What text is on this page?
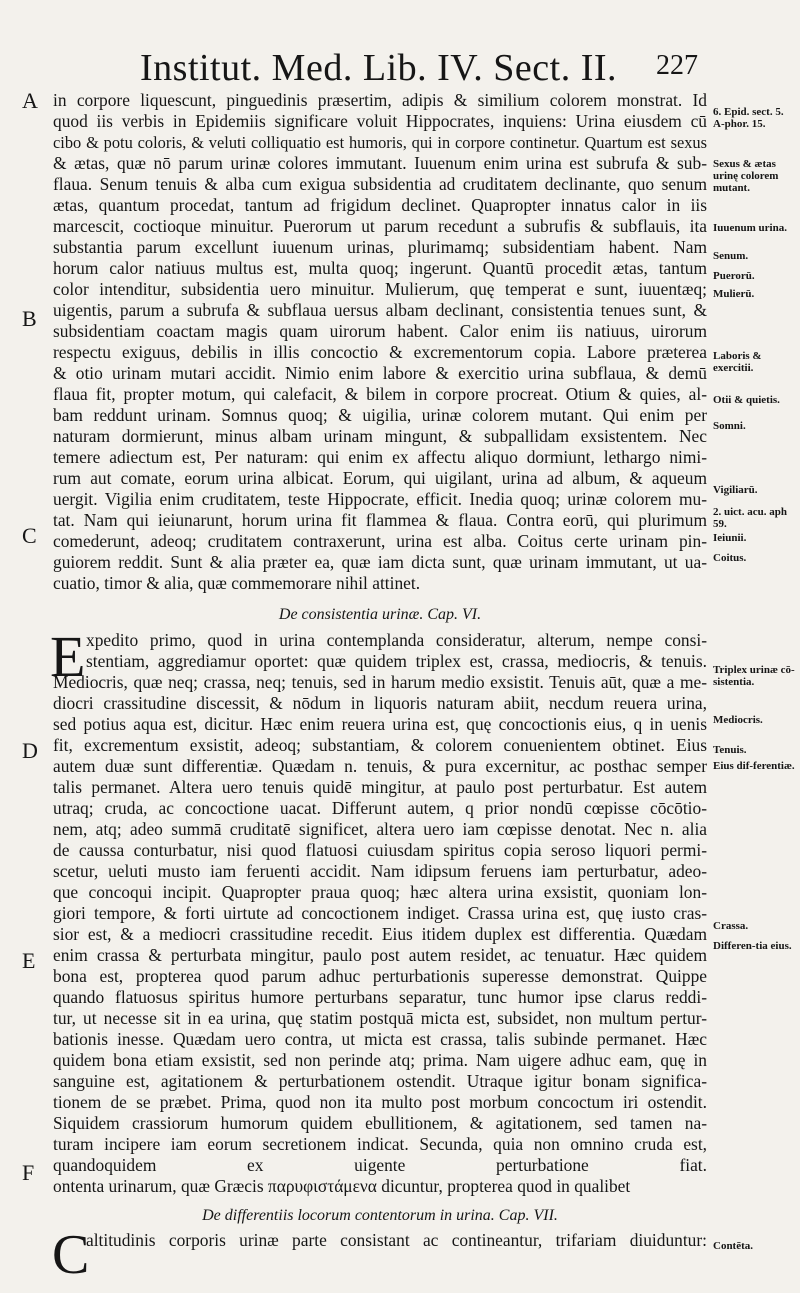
Institut. Med. Lib. IV. Sect. II. 227
A
B
C
D
E
F
in corpore liquescunt, pinguedinis præsertim, adipis & similium colorem monstrat. Id
quod iis verbis in Epidemiis significare voluit Hippocrates, inquiens: Urina eiusdem cū
cibo & potu coloris, & veluti colliquatio est humoris, qui in corpore continetur. Quartum est sexus
& ætas, quæ nō parum urinæ colores immutant. Iuuenum enim urina est subrufa & sub-
flaua. Senum tenuis & alba cum exigua subsidentia ad cruditatem declinante, quo senum
ætas, quantum procedat, tantum ad frigidum declinet. Quapropter innatus calor in iis
marcescit, coctioque minuitur. Puerorum ut parum recedunt a subrufis & subflauis, ita
substantia parum excellunt iuuenum urinas, plurimamq; subsidentiam habent. Nam
horum calor natiuus multus est, multa quoq; ingerunt. Quantū procedit ætas, tantum
color intenditur, subsidentia uero minuitur. Mulierum, quę temperat e sunt, iuuentæq;
uigentis, parum a subrufa & subflaua uersus albam declinant, consistentia tenues sunt, &
subsidentiam coactam magis quam uirorum habent. Calor enim iis natiuus, uirorum
respectu exiguus, debilis in illis concoctio & excrementorum copia. Labore præterea
& otio urinam mutari accidit. Nimio enim labore & exercitio urina subflaua, & demū
flaua fit, propter motum, qui calefacit, & bilem in corpore procreat. Otium & quies, al-
bam reddunt urinam. Somnus quoq; & uigilia, urinæ colorem mutant. Qui enim per
naturam dormierunt, minus albam urinam mingunt, & subpallidam exsistentem. Nec
temere adiectum est, Per naturam: qui enim ex affectu aliquo dormiunt, lethargo nimi-
rum aut comate, eorum urina albicat. Eorum, qui uigilant, urina ad album, & aqueum
uergit. Vigilia enim cruditatem, teste Hippocrate, efficit. Inedia quoq; urinæ colorem mu-
tat. Nam qui ieiunarunt, horum urina fit flammea & flaua. Contra eorū, qui plurimum
comederunt, adeoq; cruditatem contraxerunt, urina est alba. Coitus certe urinam pin-
guiorem reddit. Sunt & alia præter ea, quæ iam dicta sunt, quæ urinam immutant, ut ua-
cuatio, timor & alia, quæ commemorare nihil attinet.
De consistentia urinæ. Cap. VI.
E xpedito primo, quod in urina contemplanda consideratur, alterum, nempe consi-
stentiam, aggrediamur oportet: quæ quidem triplex est, crassa, mediocris, & tenuis.
Mediocris, quæ neq; crassa, neq; tenuis, sed in harum medio exsistit. Tenuis aūt, quæ a me-
diocri crassitudine discessit, & nōdum in liquoris naturam abiit, necdum reuera urina,
sed potius aqua est, dicitur. Hæc enim reuera urina est, quę concoctionis eius, q in uenis
fit, excrementum exsistit, adeoq; substantiam, & colorem conuenientem obtinet. Eius
autem duæ sunt differentiæ. Quædam n. tenuis, & pura excernitur, ac posthac semper
talis permanet. Altera uero tenuis quidē mingitur, at paulo post perturbatur. Est autem
utraq; cruda, ac concoctione uacat. Differunt autem, q prior nondū cœpisse cōcōtio-
nem, atq; adeo summā cruditatē significet, altera uero iam cœpisse denotat. Nec n. alia
de caussa conturbatur, nisi quod flatuosi cuiusdam spiritus copia seroso liquori permi-
scetur, ueluti musto iam feruenti accidit. Nam idipsum feruens iam perturbatur, adeo-
que concoqui incipit. Quapropter praua quoq; hæc altera urina exsistit, quoniam lon-
giori tempore, & forti uirtute ad concoctionem indiget. Crassa urina est, quę iusto cras-
sior est, & a mediocri crassitudine recedit. Eius itidem duplex est differentia. Quædam
enim crassa & perturbata mingitur, paulo post autem residet, ac tenuatur. Hæc quidem
bona est, propterea quod parum adhuc perturbationis superesse demonstrat. Quippe
quando flatuosus spiritus humore perturbans separatur, tunc humor ipse clarus reddi-
tur, ut necesse sit in ea urina, quę statim postquā micta est, subsidet, non multum pertur-
bationis inesse. Quædam uero contra, ut micta est crassa, talis subinde permanet. Hæc
quidem bona etiam exsistit, sed non perinde atq; prima. Nam uigere adhuc eam, quę in
sanguine est, agitationem & perturbationem ostendit. Utraque igitur bonam significa-
tionem de se præbet. Prima, quod non ita multo post morbum concoctum iri ostendit.
Siquidem crassiorum humorum quidem ebullitionem, & agitationem, sed tamen na-
turam incipere iam eorum secretionem indicat. Secunda, quia non omnino cruda est,
quandoquidem ex uigente perturbatione fiat.
ontenta urinarum, quæ Græcis παρυφιστάμενα dicuntur, propterea quod in qualibet
De differentiis locorum contentorum in urina. Cap. VII.
C
altitudinis corporis urinæ parte consistant ac contineantur, trifariam diuiduntur:
6. Epid. sect. 5. A-phor. 15.
Sexus & ætas urinę colorem mutant.
Iuuenum urina.
Senum.
Puerorū.
Mulierū.
Laboris & exercitii.
Otii & quietis.
Somni.
Vigiliarū.
2. uict. acu. aph 59.
Ieiunii.
Coitus.
Triplex urinæ cō-sistentia.
Mediocris.
Tenuis.
Eius dif-ferentiæ.
Crassa.
Differen-tia eius.
Contēta.
